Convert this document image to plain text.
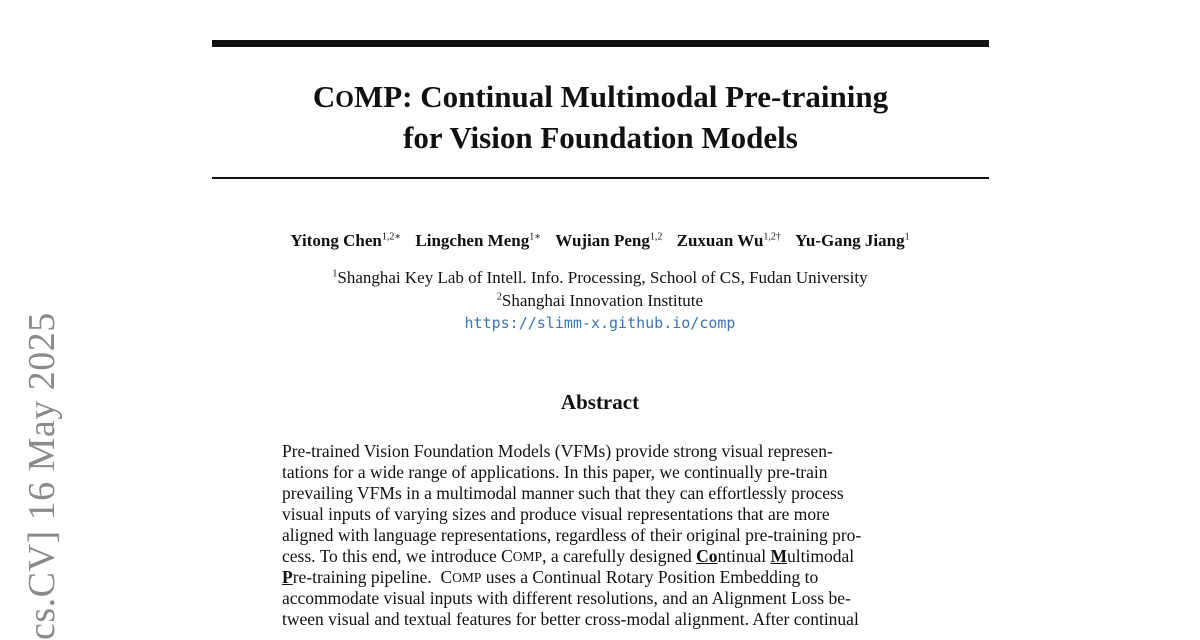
cs.CV] 16 May 2025
COMP: Continual Multimodal Pre-training
for Vision Foundation Models
Yitong Chen$^{1,2∗}$ Lingchen Meng$^{1∗}$ Wujian Peng$^{1,2}$ Zuxuan $Wu^{1,2\dagger}$ Yu-Gang Jiang$^1$
$^1$Shanghai Key Lab of Intell. Info. Processing, School of CS, Fudan University
$^2$Shanghai Innovation Institute
https://slimm-x.github.io/comp
Abstract
Pre-trained Vision Foundation Models (VFMs) provide strong visual represen-
tations for a wide range of applications. In this paper, we continually pre-train
prevailing VFMs in a multimodal manner such that they can effortlessly process
visual inputs of varying sizes and produce visual representations that are more
aligned with language representations, regardless of their original pre-training pro-
cess. To this end, we introduce
C OMP , a carefully designed
Co ntinual
M ultimodal
P re-training pipeline.
C OMP
uses a Continual Rotary Position Embedding to
accommodate visual inputs with different resolutions, and an Alignment Loss be-
tween visual and textual features for better cross-modal alignment. After continual
